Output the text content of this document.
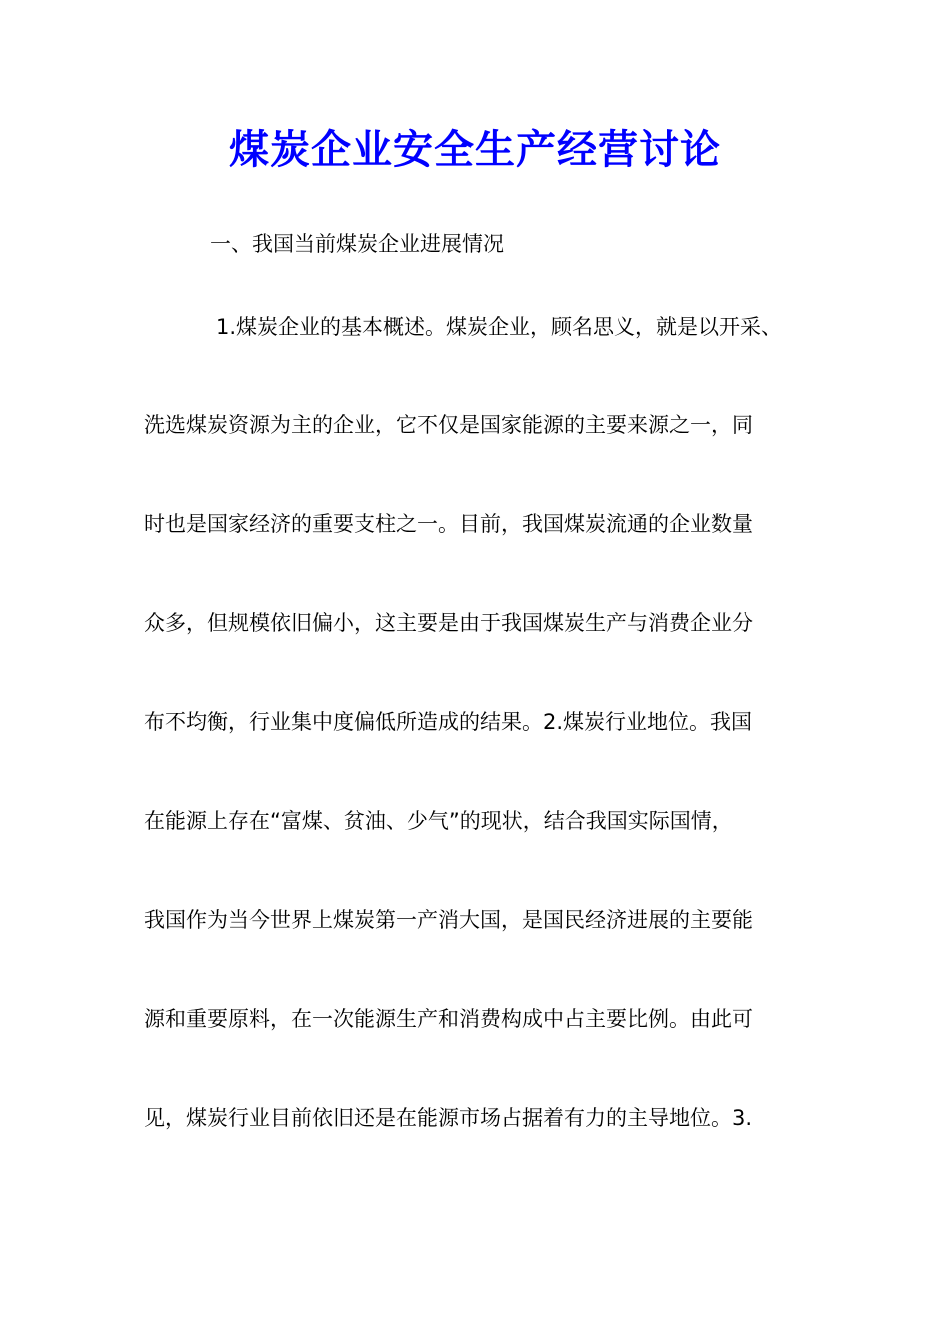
煤炭企业安全生产经营讨论

一、我国当前煤炭企业进展情况

1.煤炭企业的基本概述。煤炭企业，顾名思义，就是以开采、

洗选煤炭资源为主的企业，它不仅是国家能源的主要来源之一，同

时也是国家经济的重要支柱之一。目前，我国煤炭流通的企业数量

众多，但规模依旧偏小，这主要是由于我国煤炭生产与消费企业分

布不均衡，行业集中度偏低所造成的结果。2.煤炭行业地位。我国

在能源上存在“富煤、贫油、少气”的现状，结合我国实际国情，

我国作为当今世界上煤炭第一产消大国，是国民经济进展的主要能

源和重要原料，在一次能源生产和消费构成中占主要比例。由此可

见，煤炭行业目前依旧还是在能源市场占据着有力的主导地位。3.
